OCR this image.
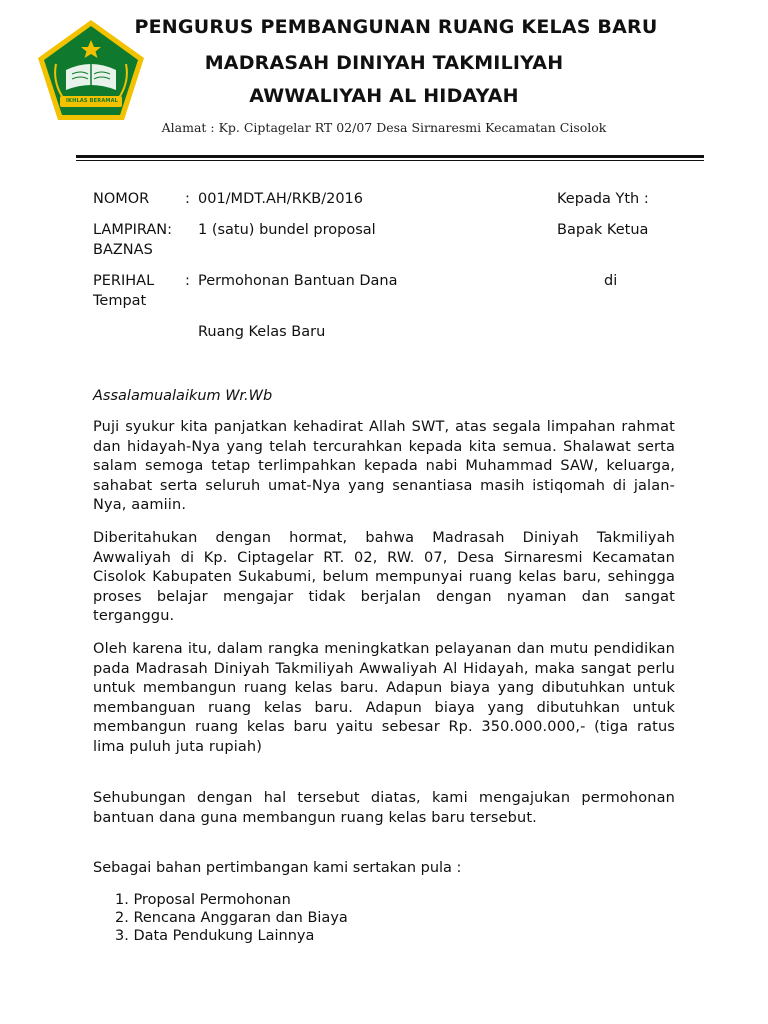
IKHLAS BERAMAL
PENGURUS PEMBANGUNAN RUANG KELAS BARU
MADRASAH DINIYAH TAKMILIYAH
AWWALIYAH AL HIDAYAH
Alamat : Kp. Ciptagelar RT 02/07 Desa Sirnaresmi Kecamatan Cisolok
NOMOR : 001/MDT.AH/RKB/2016	Kepada Yth :
LAMPIRAN: 1 (satu) bundel proposal	Bapak Ketua
BAZNAS
PERIHAL : Permohonan Bantuan Dana	di
Tempat
Ruang Kelas Baru
Assalamualaikum Wr.Wb
Puji syukur kita panjatkan kehadirat Allah SWT, atas segala limpahan rahmat dan hidayah-Nya yang telah tercurahkan kepada kita semua. Shalawat serta salam semoga tetap terlimpahkan kepada nabi Muhammad SAW, keluarga, sahabat serta seluruh umat-Nya yang senantiasa masih istiqomah di jalan-Nya, aamiin.
Diberitahukan dengan hormat, bahwa Madrasah Diniyah Takmiliyah Awwaliyah di Kp. Ciptagelar RT. 02, RW. 07, Desa Sirnaresmi Kecamatan Cisolok Kabupaten Sukabumi, belum mempunyai ruang kelas baru, sehingga proses belajar mengajar tidak berjalan dengan nyaman dan sangat terganggu.
Oleh karena itu, dalam rangka meningkatkan pelayanan dan mutu pendidikan pada Madrasah Diniyah Takmiliyah Awwaliyah Al Hidayah, maka sangat perlu untuk membangun ruang kelas baru. Adapun biaya yang dibutuhkan untuk membanguan ruang kelas baru. Adapun biaya yang dibutuhkan untuk membangun ruang kelas baru yaitu sebesar Rp. 350.000.000,- (tiga ratus lima puluh juta rupiah)
Sehubungan dengan hal tersebut diatas, kami mengajukan permohonan bantuan dana guna membangun ruang kelas baru tersebut.
Sebagai bahan pertimbangan kami sertakan pula :
1. Proposal Permohonan
2. Rencana Anggaran dan Biaya
3. Data Pendukung Lainnya
